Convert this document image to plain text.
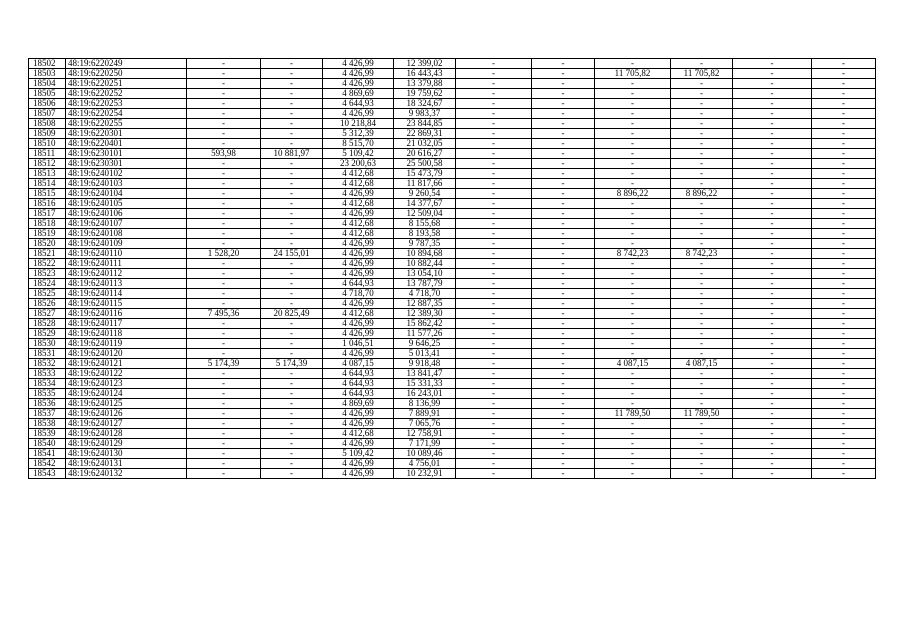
18502	48:19:6220249	-	-	4 426,99	12 399,02	-	-	-	-	-	-
18503	48:19:6220250	-	-	4 426,99	16 443,43	-	-	11 705,82	11 705,82	-	-
18504	48:19:6220251	-	-	4 426,99	13 379,88	-	-	-	-	-	-
18505	48:19:6220252	-	-	4 869,69	19 759,62	-	-	-	-	-	-
18506	48:19:6220253	-	-	4 644,93	18 324,67	-	-	-	-	-	-
18507	48:19:6220254	-	-	4 426,99	9 983,37	-	-	-	-	-	-
18508	48:19:6220255	-	-	10 218,84	23 844,85	-	-	-	-	-	-
18509	48:19:6220301	-	-	5 312,39	22 869,31	-	-	-	-	-	-
18510	48:19:6220401	-	-	8 515,70	21 032,05	-	-	-	-	-	-
18511	48:19:6230101	593,98	10 881,97	5 109,42	20 616,27	-	-	-	-	-	-
18512	48:19:6230301	-	-	23 200,63	25 500,58	-	-	-	-	-	-
18513	48:19:6240102	-	-	4 412,68	15 473,79	-	-	-	-	-	-
18514	48:19:6240103	-	-	4 412,68	11 817,66	-	-	-	-	-	-
18515	48:19:6240104	-	-	4 426,99	9 260,54	-	-	8 896,22	8 896,22	-	-
18516	48:19:6240105	-	-	4 412,68	14 377,67	-	-	-	-	-	-
18517	48:19:6240106	-	-	4 426,99	12 509,04	-	-	-	-	-	-
18518	48:19:6240107	-	-	4 412,68	8 155,68	-	-	-	-	-	-
18519	48:19:6240108	-	-	4 412,68	8 193,58	-	-	-	-	-	-
18520	48:19:6240109	-	-	4 426,99	9 787,35	-	-	-	-	-	-
18521	48:19:6240110	1 528,20	24 155,01	4 426,99	10 894,68	-	-	8 742,23	8 742,23	-	-
18522	48:19:6240111	-	-	4 426,99	10 882,44	-	-	-	-	-	-
18523	48:19:6240112	-	-	4 426,99	13 054,10	-	-	-	-	-	-
18524	48:19:6240113	-	-	4 644,93	13 787,79	-	-	-	-	-	-
18525	48:19:6240114	-	-	4 718,70	4 718,70	-	-	-	-	-	-
18526	48:19:6240115	-	-	4 426,99	12 887,35	-	-	-	-	-	-
18527	48:19:6240116	7 495,36	20 825,49	4 412,68	12 389,30	-	-	-	-	-	-
18528	48:19:6240117	-	-	4 426,99	15 862,42	-	-	-	-	-	-
18529	48:19:6240118	-	-	4 426,99	11 577,26	-	-	-	-	-	-
18530	48:19:6240119	-	-	1 046,51	9 646,25	-	-	-	-	-	-
18531	48:19:6240120	-	-	4 426,99	5 013,41	-	-	-	-	-	-
18532	48:19:6240121	5 174,39	5 174,39	4 087,15	9 918,48	-	-	4 087,15	4 087,15	-	-
18533	48:19:6240122	-	-	4 644,93	13 841,47	-	-	-	-	-	-
18534	48:19:6240123	-	-	4 644,93	15 331,33	-	-	-	-	-	-
18535	48:19:6240124	-	-	4 644,93	16 243,01	-	-	-	-	-	-
18536	48:19:6240125	-	-	4 869,69	8 136,99	-	-	-	-	-	-
18537	48:19:6240126	-	-	4 426,99	7 889,91	-	-	11 789,50	11 789,50	-	-
18538	48:19:6240127	-	-	4 426,99	7 065,76	-	-	-	-	-	-
18539	48:19:6240128	-	-	4 412,68	12 758,91	-	-	-	-	-	-
18540	48:19:6240129	-	-	4 426,99	7 171,99	-	-	-	-	-	-
18541	48:19:6240130	-	-	5 109,42	10 089,46	-	-	-	-	-	-
18542	48:19:6240131	-	-	4 426,99	4 756,01	-	-	-	-	-	-
18543	48:19:6240132	-	-	4 426,99	10 232,91	-	-	-	-	-	-
